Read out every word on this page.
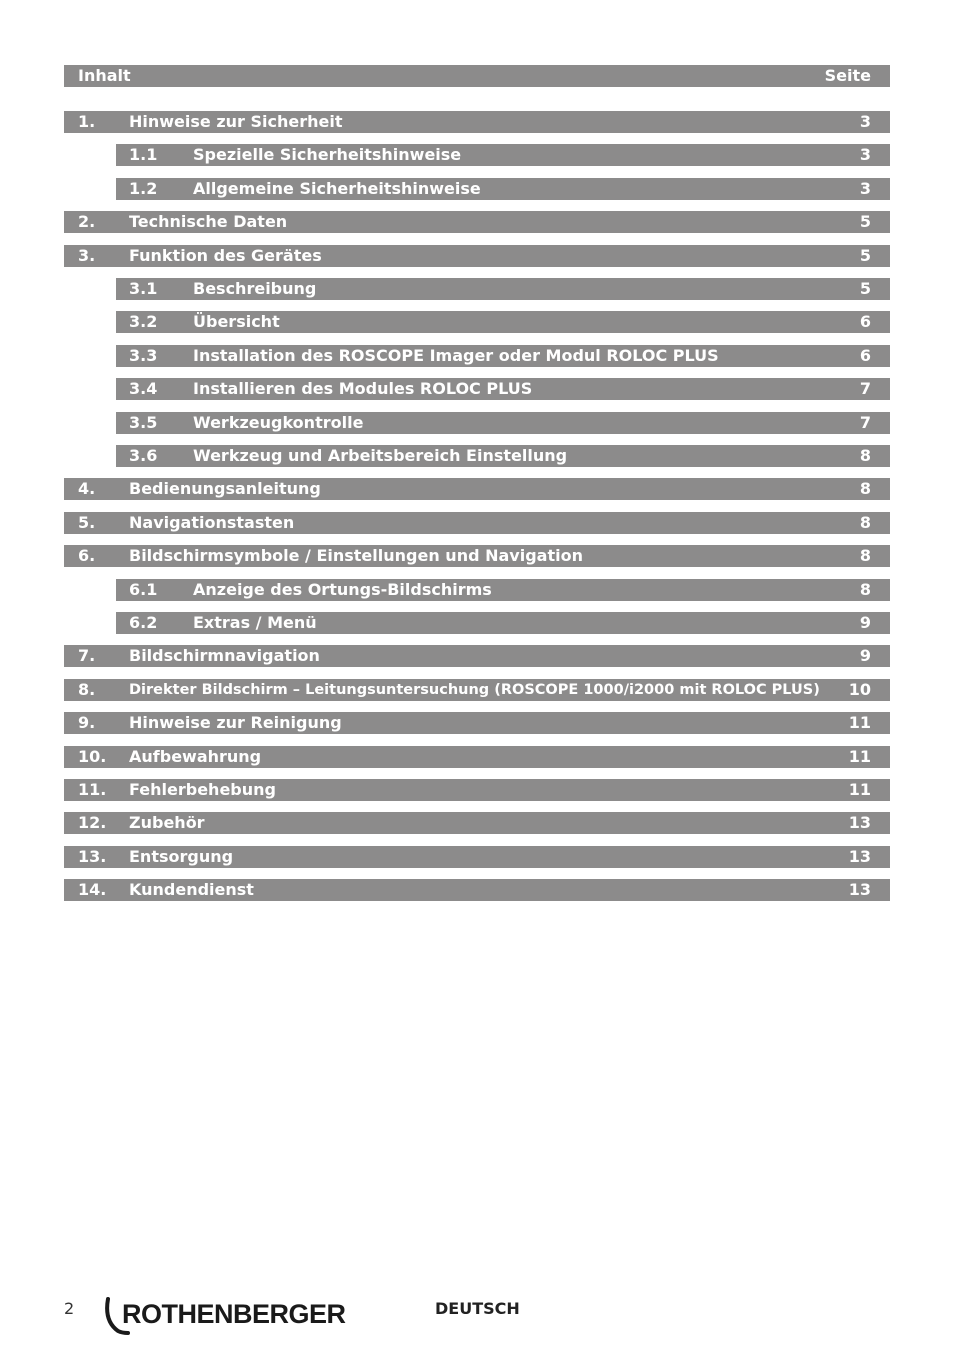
Inhalt	Seite
1. Hinweise zur Sicherheit	3
1.1 Spezielle Sicherheitshinweise	3
1.2 Allgemeine Sicherheitshinweise	3
2. Technische Daten	5
3. Funktion des Gerätes	5
3.1 Beschreibung	5
3.2 Übersicht	6
3.3 Installation des ROSCOPE Imager oder Modul ROLOC PLUS	6
3.4 Installieren des Modules ROLOC PLUS	7
3.5 Werkzeugkontrolle	7
3.6 Werkzeug und Arbeitsbereich Einstellung	8
4. Bedienungsanleitung	8
5. Navigationstasten	8
6. Bildschirmsymbole / Einstellungen und Navigation	8
6.1 Anzeige des Ortungs-Bildschirms	8
6.2 Extras / Menü	9
7. Bildschirmnavigation	9
8. Direkter Bildschirm – Leitungsuntersuchung (ROSCOPE 1000/i2000 mit ROLOC PLUS) 10
9. Hinweise zur Reinigung	11
10. Aufbewahrung	11
11. Fehlerbehebung	11
12. Zubehör	13
13. Entsorgung	13
14. Kundendienst	13
2 ROTHENBERGER	DEUTSCH
